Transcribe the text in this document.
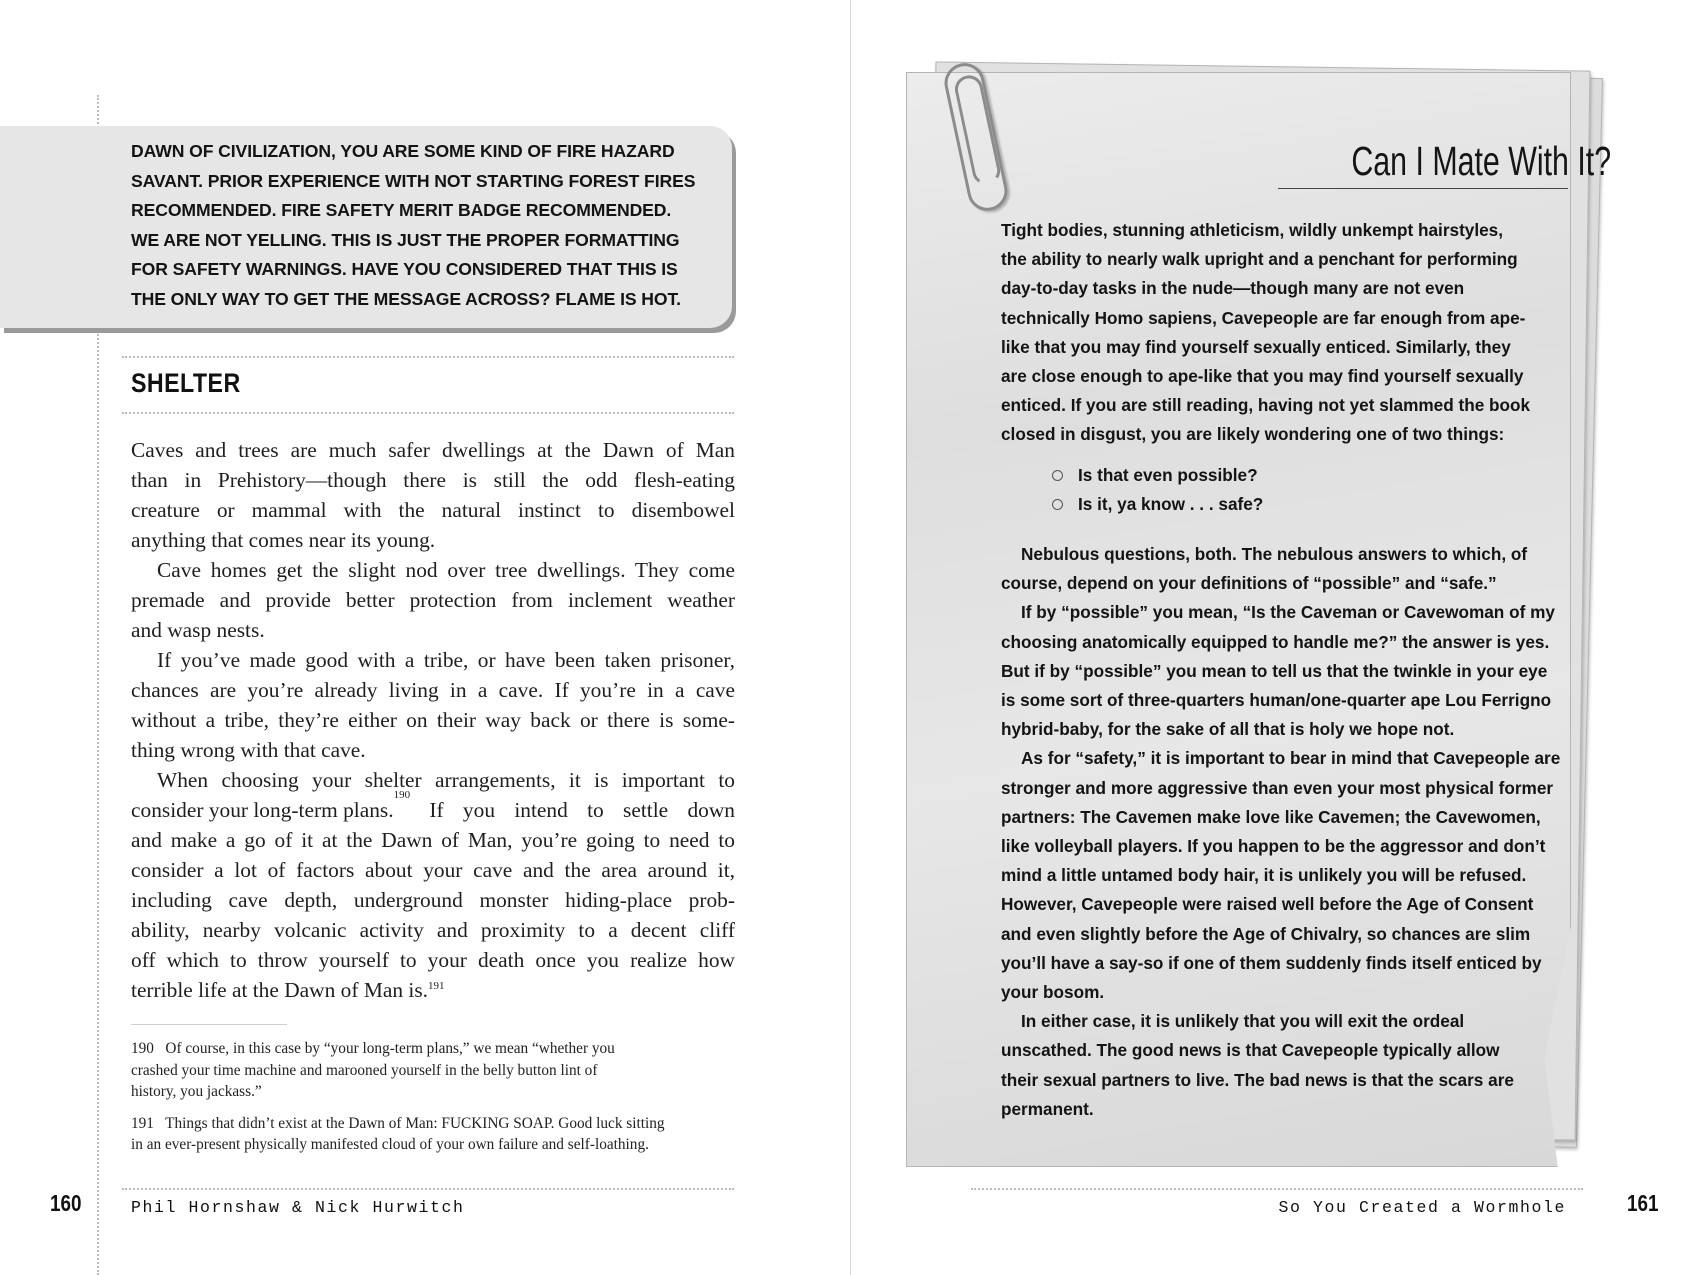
DAWN OF CIVILIZATION, YOU ARE SOME KIND OF FIRE HAZARD

SAVANT. PRIOR EXPERIENCE WITH NOT STARTING FOREST FIRES

RECOMMENDED. FIRE SAFETY MERIT BADGE RECOMMENDED.

WE ARE NOT YELLING. THIS IS JUST THE PROPER FORMATTING

FOR SAFETY WARNINGS. HAVE YOU CONSIDERED THAT THIS IS

THE ONLY WAY TO GET THE MESSAGE ACROSS? FLAME IS HOT.

SHELTER
Caves and trees are much safer dwellings at the Dawn of Man
than in Prehistory—though there is still the odd flesh-eating
creature or mammal with the natural instinct to disembowel
anything that comes near its young.
Cave homes get the slight nod over tree dwellings. They come
premade and provide better protection from inclement weather
and wasp nests.
If you’ve made good with a tribe, or have been taken prisoner,
chances are you’re already living in a cave. If you’re in a cave
without a tribe, they’re either on their way back or there is some-
thing wrong with that cave.
When choosing your shelter arrangements, it is important to
consider your long-term plans.
190
If you intend to settle down
and make a go of it at the Dawn of Man, you’re going to need to
consider a lot of factors about your cave and the area around it,
including cave depth, underground monster hiding-place prob-
ability, nearby volcanic activity and proximity to a decent cliff
off which to throw yourself to your death once you realize how
terrible life at the Dawn of Man is.$^{191}$
190   Of course, in this case by “your long-term plans,” we mean “whether you
crashed your time machine and marooned yourself in the belly button lint of
history, you jackass.”
191   Things that didn’t exist at the Dawn of Man: FUCKING SOAP. Good luck sitting
in an ever-present physically manifested cloud of your own failure and self-loathing.
160	Phil Hornshaw & Nick Hurwitch	So You Created a Wormhole	161
Can I Mate With It?
Tight bodies, stunning athleticism, wildly unkempt hairstyles,
the ability to nearly walk upright and a penchant for performing
day-to-day tasks in the nude—though many are not even
technically Homo sapiens, Cavepeople are far enough from ape-
like that you may find yourself sexually enticed. Similarly, they
are close enough to ape-like that you may find yourself sexually
enticed. If you are still reading, having not yet slammed the book
closed in disgust, you are likely wondering one of two things:
Is that even possible?
Is it, ya know . . . safe?
Nebulous questions, both. The nebulous answers to which, of
course, depend on your definitions of “possible” and “safe.”
If by “possible” you mean, “Is the Caveman or Cavewoman of my
choosing anatomically equipped to handle me?” the answer is yes.
But if by “possible” you mean to tell us that the twinkle in your eye
is some sort of three-quarters human/one-quarter ape Lou Ferrigno
hybrid-baby, for the sake of all that is holy we hope not.
As for “safety,” it is important to bear in mind that Cavepeople are
stronger and more aggressive than even your most physical former
partners: The Cavemen make love like Cavemen; the Cavewomen,
like volleyball players. If you happen to be the aggressor and don’t
mind a little untamed body hair, it is unlikely you will be refused.
However, Cavepeople were raised well before the Age of Consent
and even slightly before the Age of Chivalry, so chances are slim
you’ll have a say-so if one of them suddenly finds itself enticed by
your bosom.
In either case, it is unlikely that you will exit the ordeal
unscathed. The good news is that Cavepeople typically allow
their sexual partners to live. The bad news is that the scars are
permanent.
